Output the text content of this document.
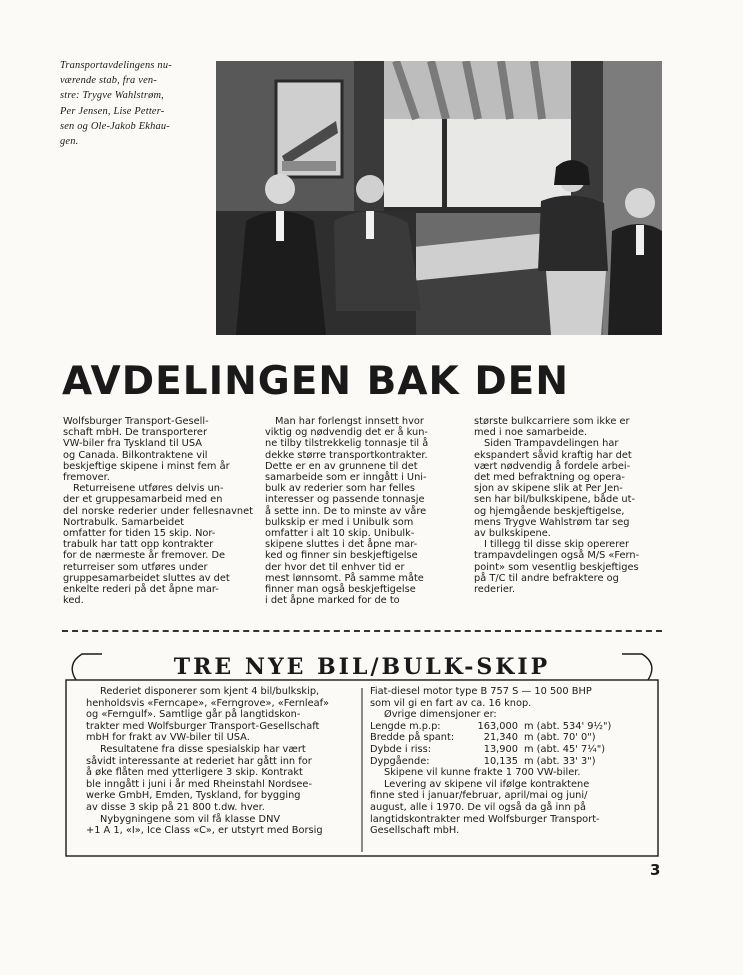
Transportavdelingens nu-
værende stab, fra ven-
stre: Trygve Wahlstrøm,
Per Jensen, Lise Petter-
sen og Ole-Jakob Ekhau-
gen.

AVDELINGEN BAK DEN

Wolfsburger Transport-Gesell-
schaft mbH. De transporterer
VW-biler fra Tyskland til USA
og Canada. Bilkontraktene vil
beskjeftige skipene i minst fem år
fremover.

Returreisene utføres delvis un-
der et gruppesamarbeid med en
del norske rederier under fellesnavnet Nortrabulk. Samarbeidet
omfatter for tiden 15 skip. Nor-
trabulk har tatt opp kontrakter
for de nærmeste år fremover. De
returreiser som utføres under
gruppesamarbeidet sluttes av det
enkelte rederi på det åpne mar-
ked.

Man har forlengst innsett hvor
viktig og nødvendig det er å kun-
ne tilby tilstrekkelig tonnasje til å
dekke større transportkontrakter.
Dette er en av grunnene til det
samarbeide som er inngått i Uni-
bulk av rederier som har felles
interesser og passende tonnasje
å sette inn. De to minste av våre
bulkskip er med i Unibulk som
omfatter i alt 10 skip. Unibulk-
skipene sluttes i det åpne mar-
ked og finner sin beskjeftigelse
der hvor det til enhver tid er
mest lønnsomt. På samme måte
finner man også beskjeftigelse
i det åpne marked for de to

største bulkcarriere som ikke er
med i noe samarbeide.

Siden Trampavdelingen har
ekspandert såvid kraftig har det
vært nødvendig å fordele arbei-
det med befraktning og opera-
sjon av skipene slik at Per Jen-
sen har bil/bulkskipene, både ut-
og hjemgående beskjeftigelse,
mens Trygve Wahlstrøm tar seg
av bulkskipene.

I tillegg til disse skip opererer
trampavdelingen også M/S «Fern-
point» som vesentlig beskjeftiges
på T/C til andre befraktere og
rederier.

TRE NYE BIL/BULK-SKIP

Rederiet disponerer som kjent 4 bil/bulkskip,
henholdsvis «Ferncape», «Ferngrove», «Fernleaf»
og «Ferngulf». Samtlige går på langtidskon-
trakter med Wolfsburger Transport-Gesellschaft
mbH for frakt av VW-biler til USA.

Resultatene fra disse spesialskip har vært
såvidt interessante at rederiet har gått inn for
å øke flåten med ytterligere 3 skip. Kontrakt
ble inngått i juni i år med Rheinstahl Nordsee-
werke GmbH, Emden, Tyskland, for bygging
av disse 3 skip på 21 800 t.dw. hver.

Nybygningene som vil få klasse DNV
+1 A 1, «I», Ice Class «C», er utstyrt med Borsig

Fiat-diesel motor type B 757 S — 10 500 BHP
som vil gi en fart av ca. 16 knop.

Øvrige dimensjoner er:

Lengde m.p.p:	163,000 m (abt. 534' 9½")
Bredde på spant:	21,340 m (abt. 70' 0")
Dybde i riss:	13,900 m (abt. 45' 7¼")
Dypgående:	10,135 m (abt. 33' 3")

Skipene vil kunne frakte 1 700 VW-biler.

Levering av skipene vil ifølge kontraktene
finne sted i januar/februar, april/mai og juni/
august, alle i 1970. De vil også da gå inn på
langtidskontrakter med Wolfsburger Transport-
Gesellschaft mbH.

3
